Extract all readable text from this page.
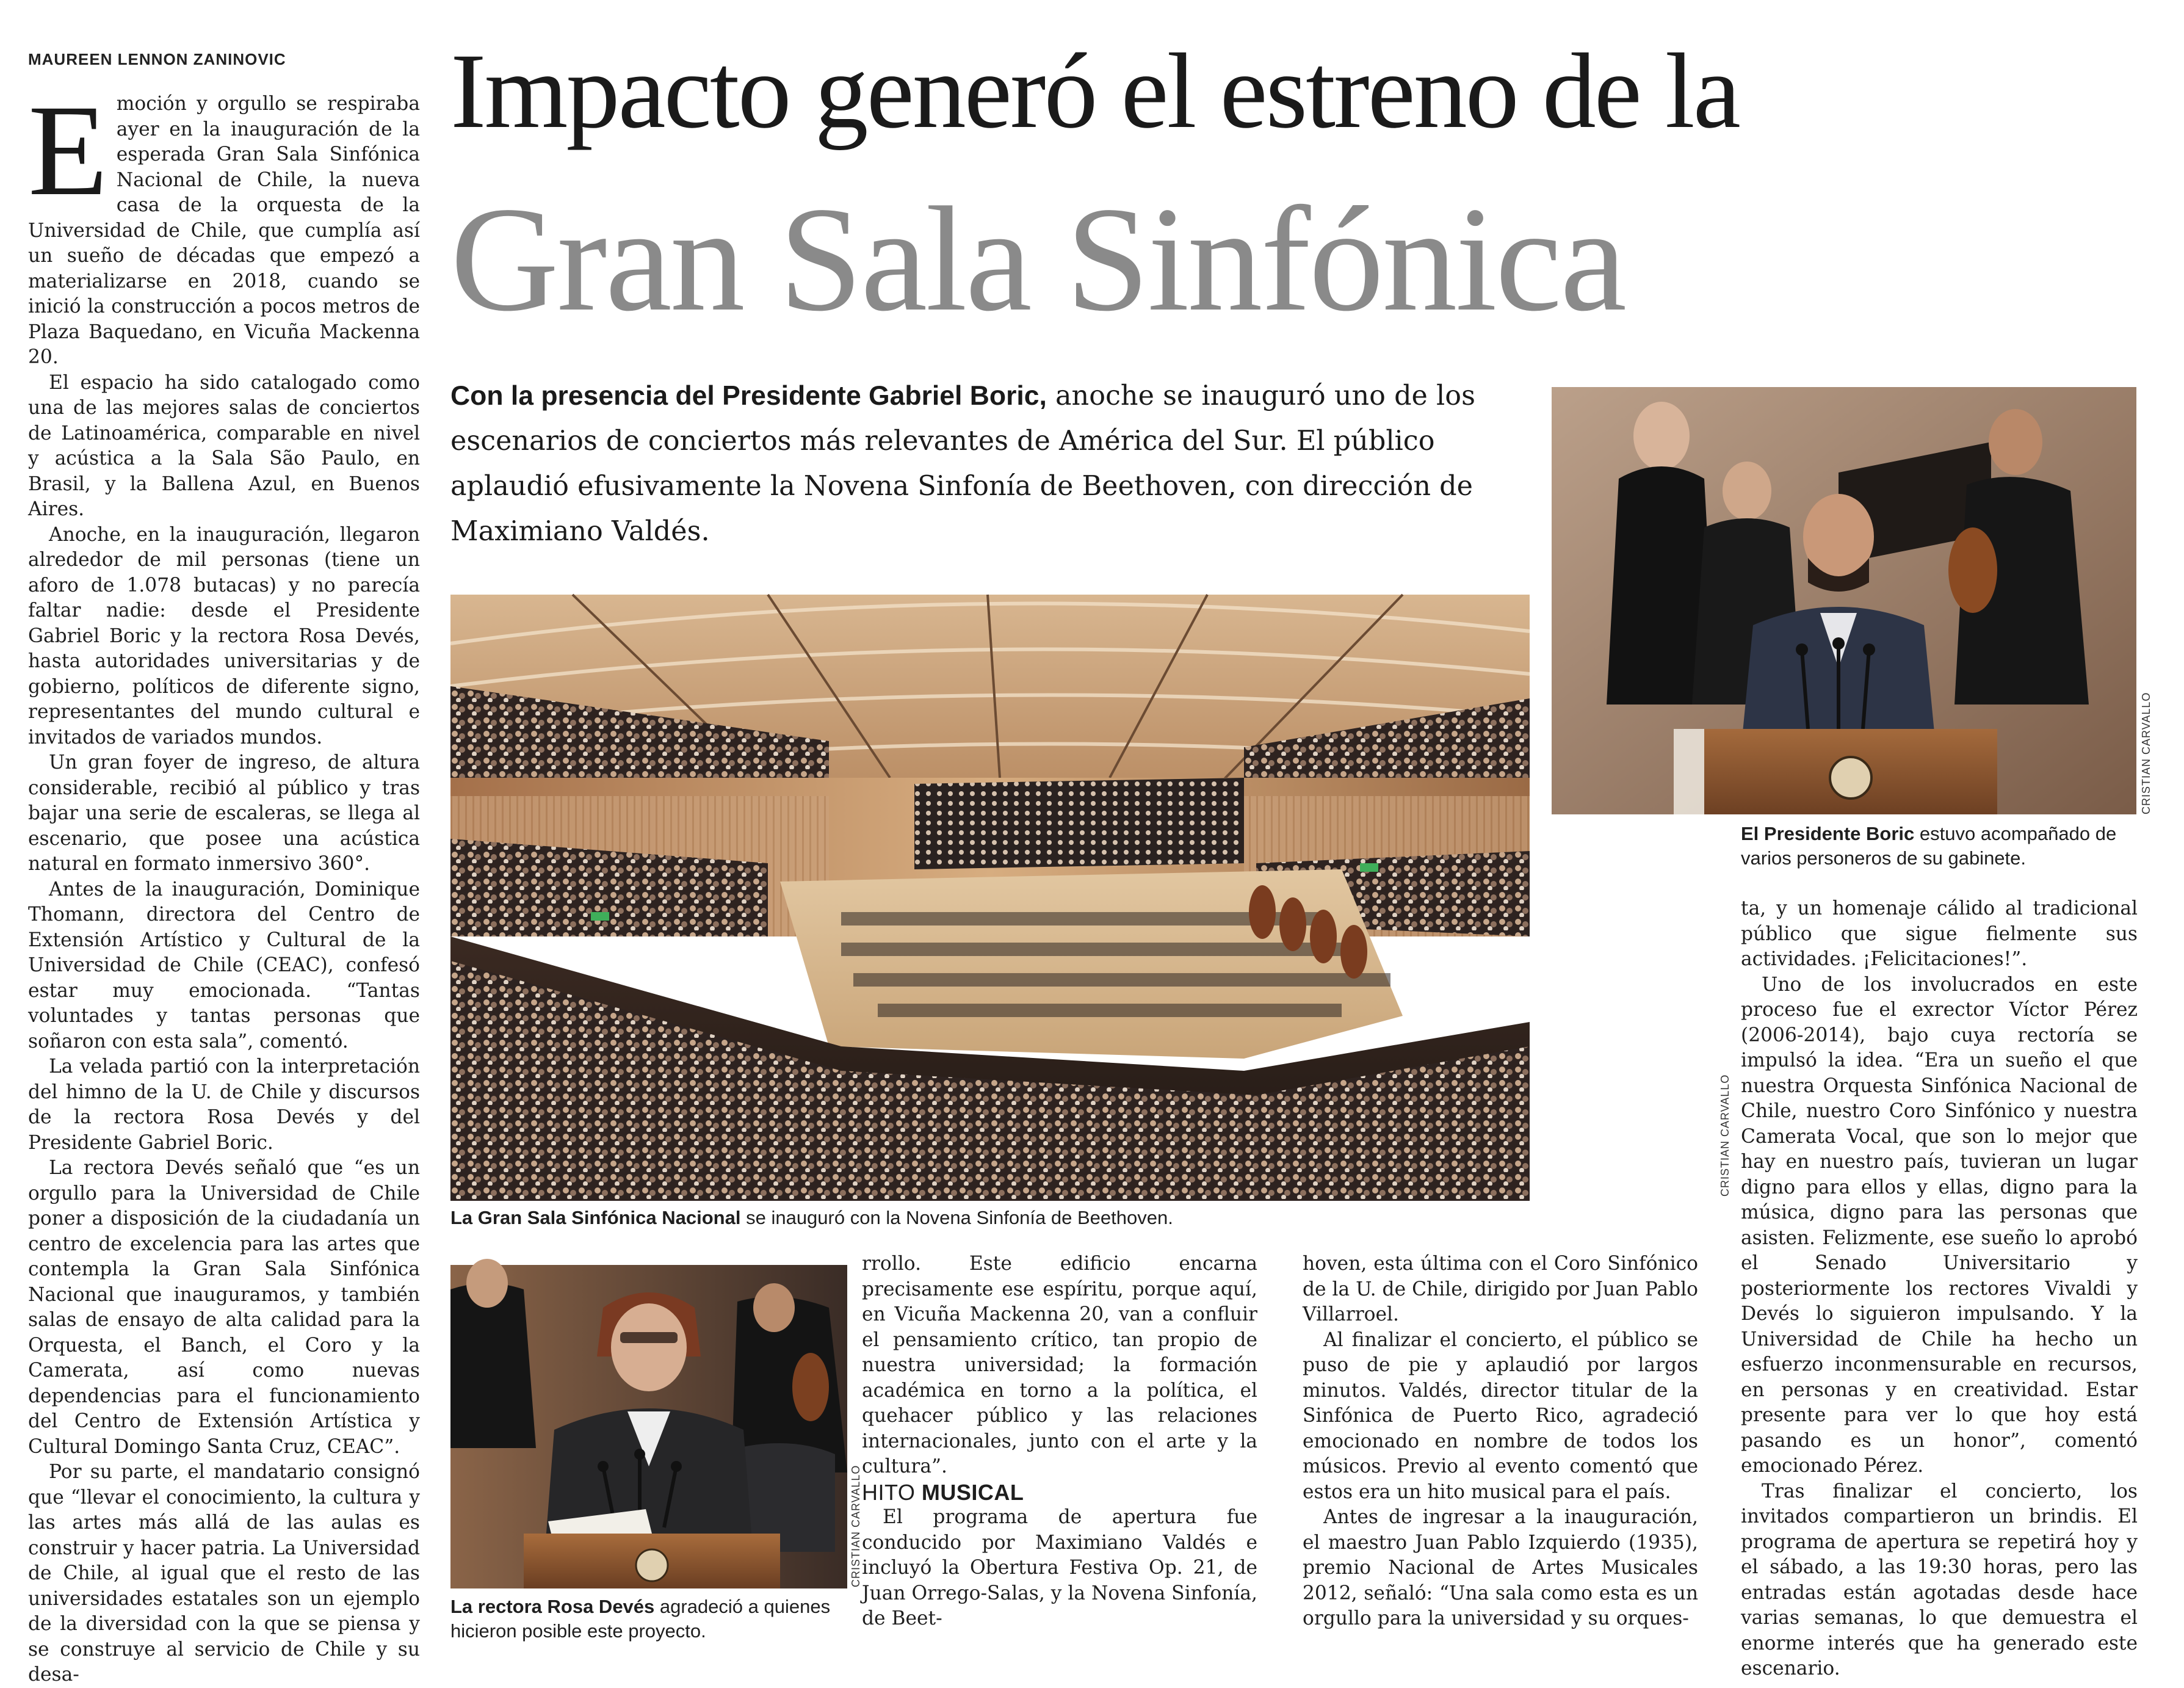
MAUREEN LENNON ZANINOVIC Impacto generó el estreno de la
Gran Sala Sinfónica
Con la presencia del Presidente Gabriel Boric, anoche se inauguró uno de los escenarios de conciertos más relevantes de América del Sur. El público aplaudió efusivamente la Novena Sinfonía de Beethoven, con dirección de Maximiano Valdés.

Emoción y orgullo se respiraba ayer en la inauguración de la esperada Gran Sala Sinfónica Nacional de Chile, la nueva casa de la orquesta de la Universidad de Chile, que cumplía así un sueño de décadas que empezó a materializarse en 2018, cuando se inició la construcción a pocos metros de Plaza Baquedano, en Vicuña Mackenna 20.

El espacio ha sido catalogado como una de las mejores salas de conciertos de Latinoamérica, comparable en nivel y acústica a la Sala São Paulo, en Brasil, y la Ballena Azul, en Buenos Aires.

Anoche, en la inauguración, llegaron alrededor de mil personas (tiene un aforo de 1.078 butacas) y no parecía faltar nadie: desde el Presidente Gabriel Boric y la rectora Rosa Devés, hasta autoridades universitarias y de gobierno, políticos de diferente signo, representantes del mundo cultural e invitados de variados mundos.

Un gran foyer de ingreso, de altura considerable, recibió al público y tras bajar una serie de escaleras, se llega al escenario, que posee una acústica natural en formato inmersivo 360°.

Antes de la inauguración, Dominique Thomann, directora del Centro de Extensión Artístico y Cultural de la Universidad de Chile (CEAC), confesó estar muy emocionada. “Tantas voluntades y tantas personas que soñaron con esta sala”, comentó.

La velada partió con la interpretación del himno de la U. de Chile y discursos de la rectora Rosa Devés y del Presidente Gabriel Boric.

La rectora Devés señaló que “es un orgullo para la Universidad de Chile poner a disposición de la ciudadanía un centro de excelencia para las artes que contempla la Gran Sala Sinfónica Nacional que inauguramos, y también salas de ensayo de alta calidad para la Orquesta, el Banch, el Coro y la Camerata, así como nuevas dependencias para el funcionamiento del Centro de Extensión Artística y Cultural Domingo Santa Cruz, CEAC”.

Por su parte, el mandatario consignó que “llevar el conocimiento, la cultura y las artes más allá de las aulas es construir y hacer patria. La Universidad de Chile, al igual que el resto de las universidades estatales son un ejemplo de la diversidad con la que se piensa y se construye al servicio de Chile y su desa-

CRISTIAN CARVALLO
La Gran Sala Sinfónica Nacional se inauguró con la Novena Sinfonía de Beethoven.
CRISTIAN CARVALLO
El Presidente Boric estuvo acompañado de varios personeros de su gabinete.
CRISTIAN CARVALLO
La rectora Rosa Devés agradeció a quienes hicieron posible este proyecto.

rrollo. Este edificio encarna precisamente ese espíritu, porque aquí, en Vicuña Mackenna 20, van a confluir el pensamiento crítico, tan propio de nuestra universidad; la formación académica en torno a la política, el quehacer público y las relaciones internacionales, junto con el arte y la cultura”.

HITO MUSICAL

El programa de apertura fue conducido por Maximiano Valdés e incluyó la Obertura Festiva Op. 21, de Juan Orrego-Salas, y la Novena Sinfonía, de Beet-

hoven, esta última con el Coro Sinfónico de la U. de Chile, dirigido por Juan Pablo Villarroel.

Al finalizar el concierto, el público se puso de pie y aplaudió por largos minutos. Valdés, director titular de la Sinfónica de Puerto Rico, agradeció emocionado en nombre de todos los músicos. Previo al evento comentó que estos era un hito musical para el país.

Antes de ingresar a la inauguración, el maestro Juan Pablo Izquierdo (1935), premio Nacional de Artes Musicales 2012, señaló: “Una sala como esta es un orgullo para la universidad y su orques-

ta, y un homenaje cálido al tradicional público que sigue fielmente sus actividades. ¡Felicitaciones!”.

Uno de los involucrados en este proceso fue el exrector Víctor Pérez (2006-2014), bajo cuya rectoría se impulsó la idea. “Era un sueño el que nuestra Orquesta Sinfónica Nacional de Chile, nuestro Coro Sinfónico y nuestra Camerata Vocal, que son lo mejor que hay en nuestro país, tuvieran un lugar digno para ellos y ellas, digno para la música, digno para las personas que asisten. Felizmente, ese sueño lo aprobó el Senado Universitario y posteriormente los rectores Vivaldi y Devés lo siguieron impulsando. Y la Universidad de Chile ha hecho un esfuerzo inconmensurable en recursos, en personas y en creatividad. Estar presente para ver lo que hoy está pasando es un honor”, comentó emocionado Pérez.

Tras finalizar el concierto, los invitados compartieron un brindis. El programa de apertura se repetirá hoy y el sábado, a las 19:30 horas, pero las entradas están agotadas desde hace varias semanas, lo que demuestra el enorme interés que ha generado este escenario.
